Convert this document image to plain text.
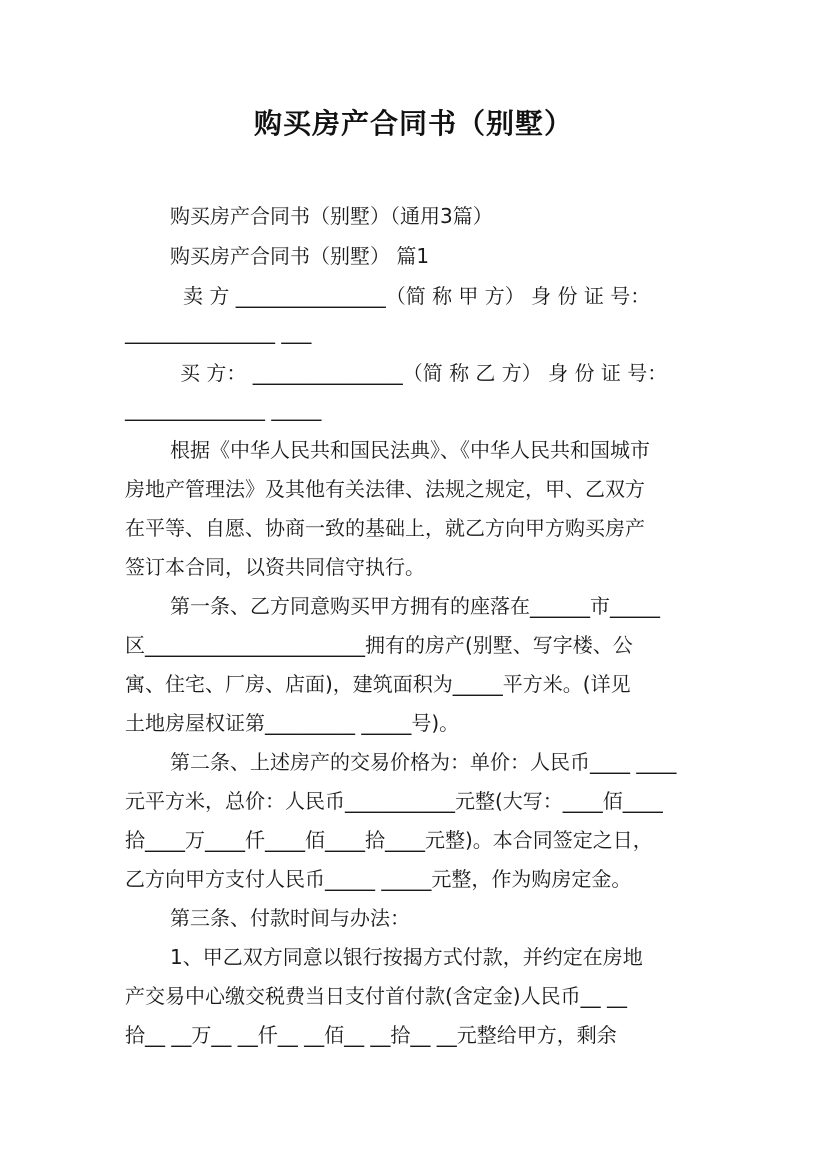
购买房产合同书（别墅）
购买房产合同书（别墅）（通用3篇）
购买房产合同书（别墅） 篇1
卖 方 _______________（简 称 甲 方） 身 份 证 号：
_______________ ___
买 方： _______________（简 称 乙 方） 身 份 证 号：
______________ _____
根据《中华人民共和国民法典》、《中华人民共和国城市
房地产管理法》及其他有关法律、法规之规定，甲、乙双方
在平等、自愿、协商一致的基础上，就乙方向甲方购买房产
签订本合同，以资共同信守执行。
第一条、乙方同意购买甲方拥有的座落在______市_____
区______________________拥有的房产(别墅、写字楼、公
寓、住宅、厂房、店面)，建筑面积为_____平方米。(详见
土地房屋权证第_________ _____号)。
第二条、上述房产的交易价格为：单价：人民币____ ____
元平方米，总价：人民币___________元整(大写：____佰____
拾____万____仟____佰____拾____元整)。本合同签定之日，
乙方向甲方支付人民币_____ _____元整，作为购房定金。
第三条、付款时间与办法：
1、甲乙双方同意以银行按揭方式付款，并约定在房地
产交易中心缴交税费当日支付首付款(含定金)人民币__ __
拾__ __万__ __仟__ __佰__ __拾__ __元整给甲方，剩余
